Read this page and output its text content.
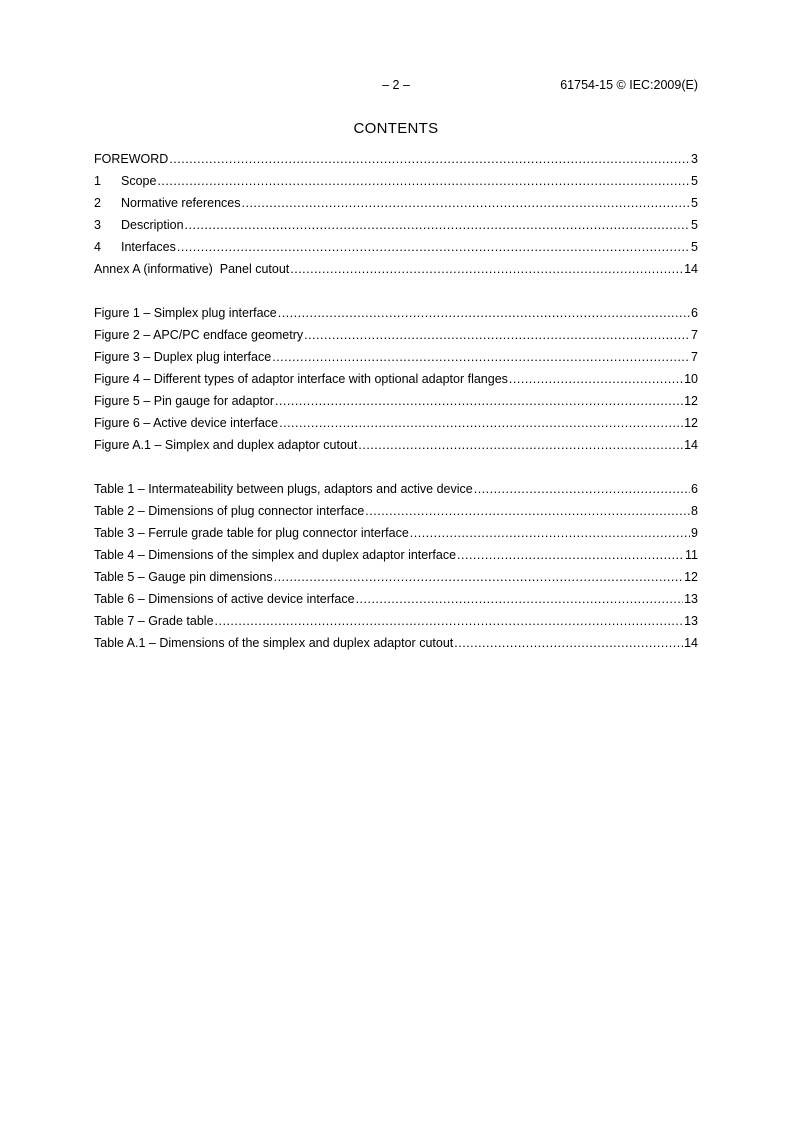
– 2 –	61754-15 © IEC:2009(E)
CONTENTS
FOREWORD .....	3
1	Scope .....	5
2	Normative references .....	5
3	Description .....	5
4	Interfaces .....	5
Annex A (informative)  Panel cutout .....	14
Figure 1 – Simplex plug interface .....	6
Figure 2 – APC/PC endface geometry .....	7
Figure 3 – Duplex plug interface .....	7
Figure 4 – Different types of adaptor interface with optional adaptor flanges .....	10
Figure 5 – Pin gauge for adaptor .....	12
Figure 6 – Active device interface .....	12
Figure A.1 – Simplex and duplex adaptor cutout .....	14
Table 1 – Intermateability between plugs, adaptors and active device .....	6
Table 2 – Dimensions of plug connector interface .....	8
Table 3 – Ferrule grade table for plug connector interface .....	9
Table 4 – Dimensions of the simplex and duplex adaptor interface .....	11
Table 5 – Gauge pin dimensions .....	12
Table 6 – Dimensions of active device interface .....	13
Table 7 – Grade table .....	13
Table A.1 – Dimensions of the simplex and duplex adaptor cutout .....	14
